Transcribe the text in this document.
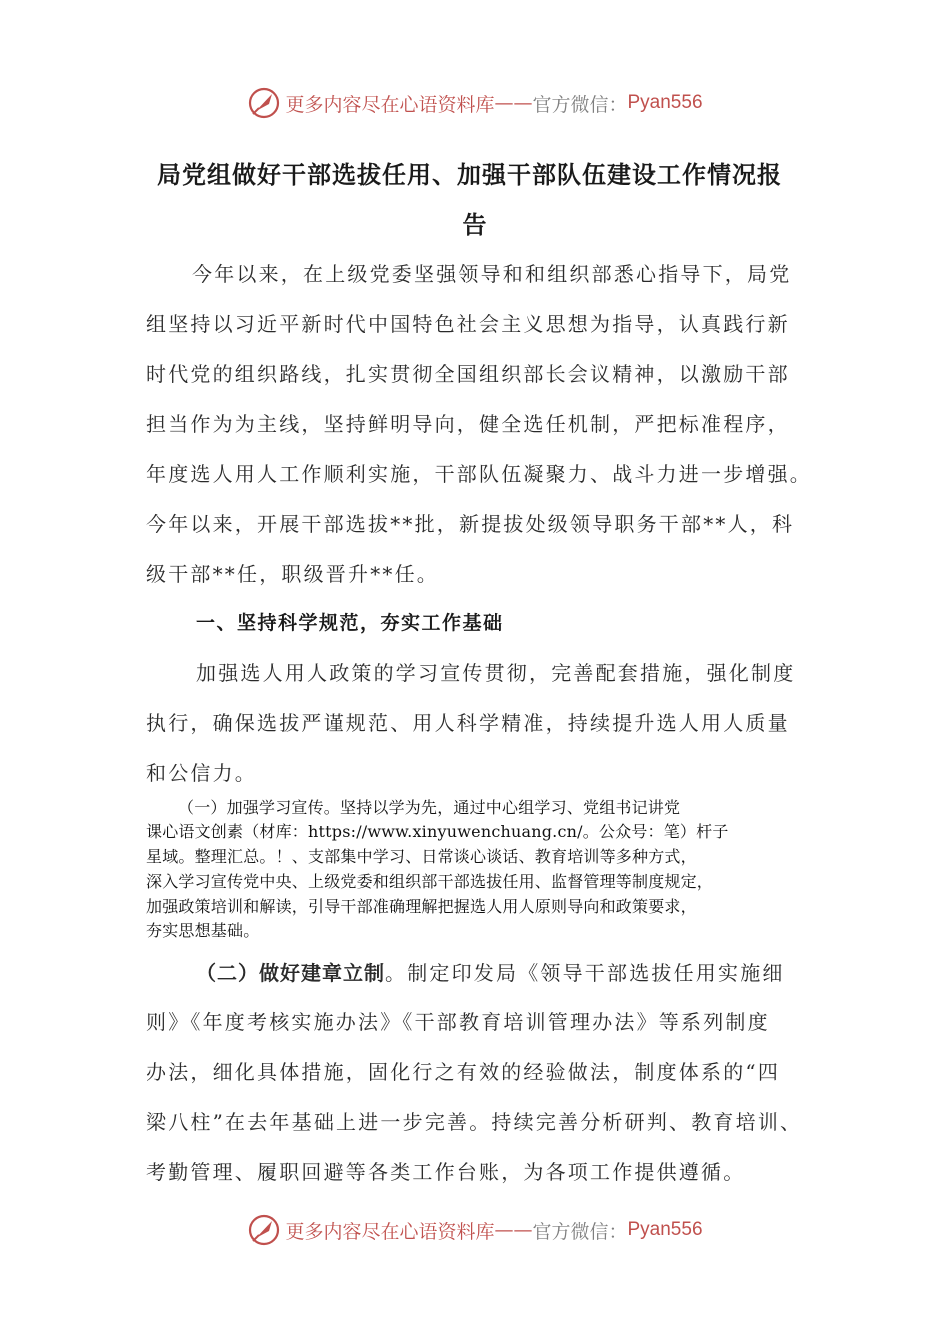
更多内容尽在心语资料库 —— 官方微信： Pyan556
局党组做好干部选拔任用、加强干部队伍建设工作情况报
告
今年以来，在上级党委坚强领导和和组织部悉心指导下，局党
组坚持以习近平新时代中国特色社会主义思想为指导，认真践行新
时代党的组织路线，扎实贯彻全国组织部长会议精神，以激励干部
担当作为为主线，坚持鲜明导向，健全选任机制，严把标准程序，
年度选人用人工作顺利实施，干部队伍凝聚力、战斗力进一步增强。
今年以来，开展干部选拔**批，新提拔处级领导职务干部**人，科
级干部**任，职级晋升**任。
一、坚持科学规范，夯实工作基础
加强选人用人政策的学习宣传贯彻，完善配套措施，强化制度
执行，确保选拔严谨规范、用人科学精准，持续提升选人用人质量
和公信力。
（一）加强学习宣传。坚持以学为先，通过中心组学习、党组书记讲党
课心语文创素（材库：https://www.xinyuwenchuang.cn/。公众号：笔）杆子
星域。整理汇总。！、支部集中学习、日常谈心谈话、教育培训等多种方式，
深入学习宣传党中央、上级党委和组织部干部选拔任用、监督管理等制度规定，
加强政策培训和解读，引导干部准确理解把握选人用人原则导向和政策要求，
夯实思想基础。
（二）做好建章立制。制定印发局《领导干部选拔任用实施细
则》《年度考核实施办法》《干部教育培训管理办法》等系列制度
办法，细化具体措施，固化行之有效的经验做法，制度体系的“四
梁八柱”在去年基础上进一步完善。持续完善分析研判、教育培训、
考勤管理、履职回避等各类工作台账，为各项工作提供遵循。
更多内容尽在心语资料库 —— 官方微信： Pyan556
